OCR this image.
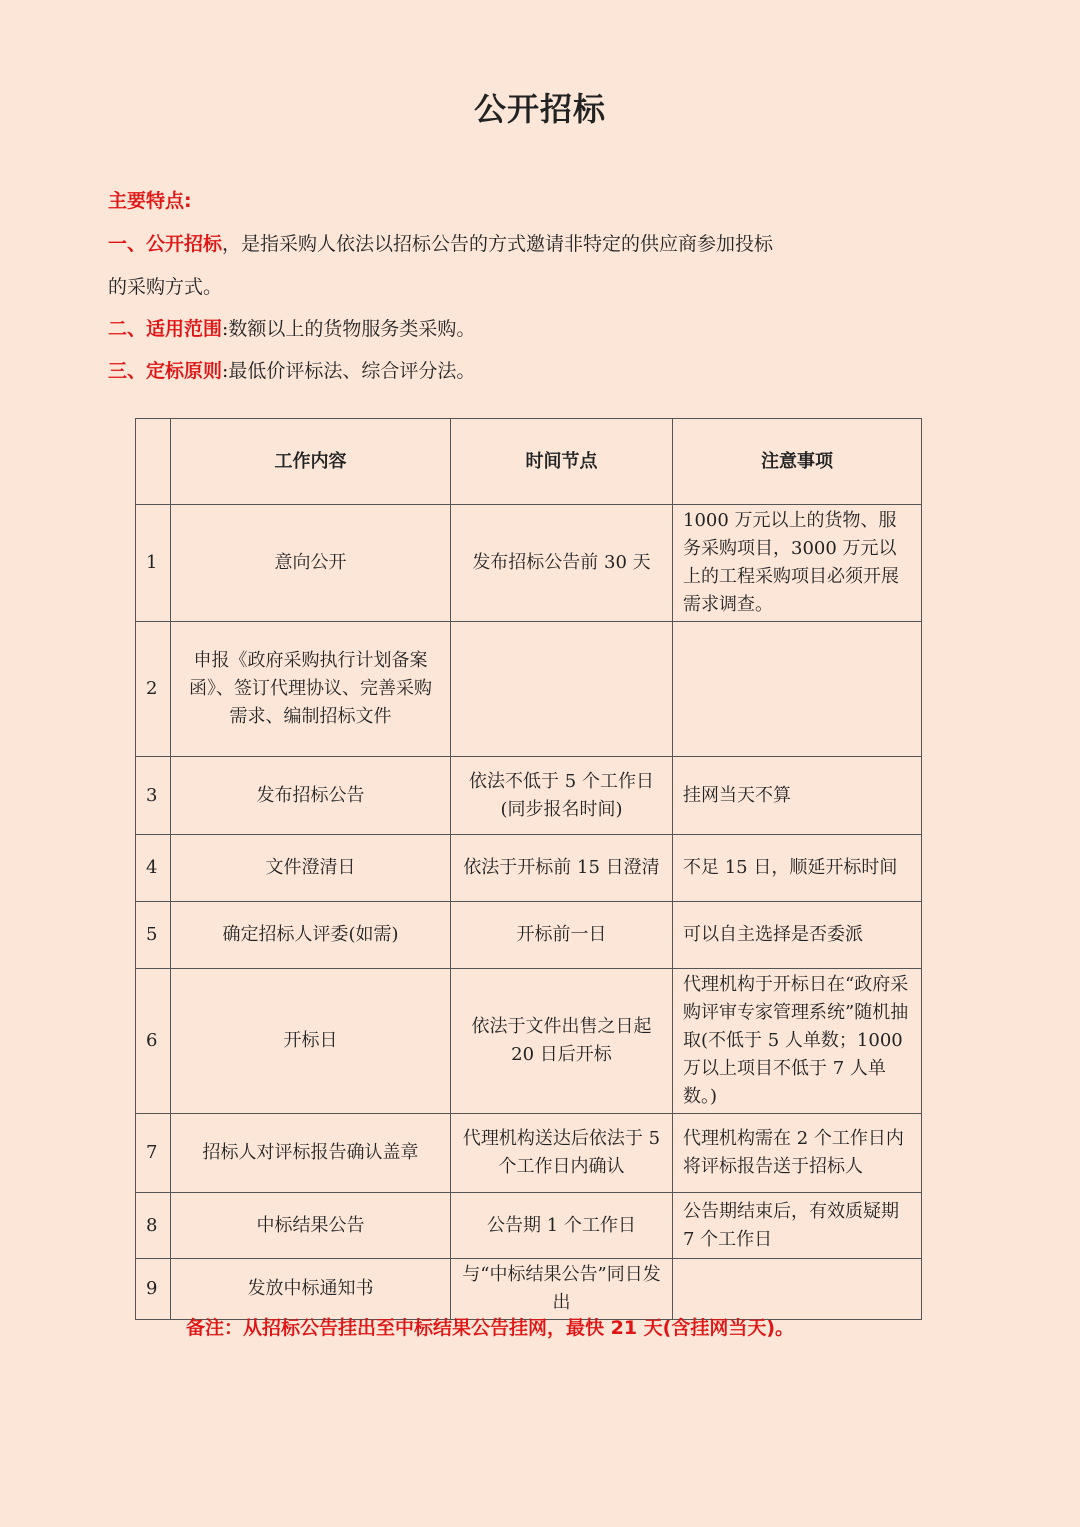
公开招标
主要特点:
一、公开招标，是指采购人依法以招标公告的方式邀请非特定的供应商参加投标
的采购方式。
二、适用范围:数额以上的货物服务类采购。
三、定标原则:最低价评标法、综合评分法。
	工作内容	时间节点	注意事项
1	意向公开	发布招标公告前 30 天	1000 万元以上的货物、服务采购项目，3000 万元以上的工程采购项目必须开展需求调查。
2	申报《政府采购执行计划备案函》、签订代理协议、完善采购
需求、编制招标文件		
3	发布招标公告	依法不低于 5 个工作日(同步报名时间)	挂网当天不算
4	文件澄清日	依法于开标前 15 日澄清	不足 15 日，顺延开标时间
5	确定招标人评委(如需)	开标前一日	可以自主选择是否委派
6	开标日	依法于文件出售之日起 20 日后开标	代理机构于开标日在“政府采购评审专家管理系统”随机抽取(不低于 5 人单数；1000 万以上项目不低于 7 人单数。)
7	招标人对评标报告确认盖章	代理机构送达后依法于 5 个工作日内确认	代理机构需在 2 个工作日内将评标报告送于招标人
8	中标结果公告	公告期 1 个工作日	公告期结束后，有效质疑期 7 个工作日
9	发放中标通知书	与“中标结果公告”同日发出	
备注：从招标公告挂出至中标结果公告挂网，最快 21 天(含挂网当天)。
